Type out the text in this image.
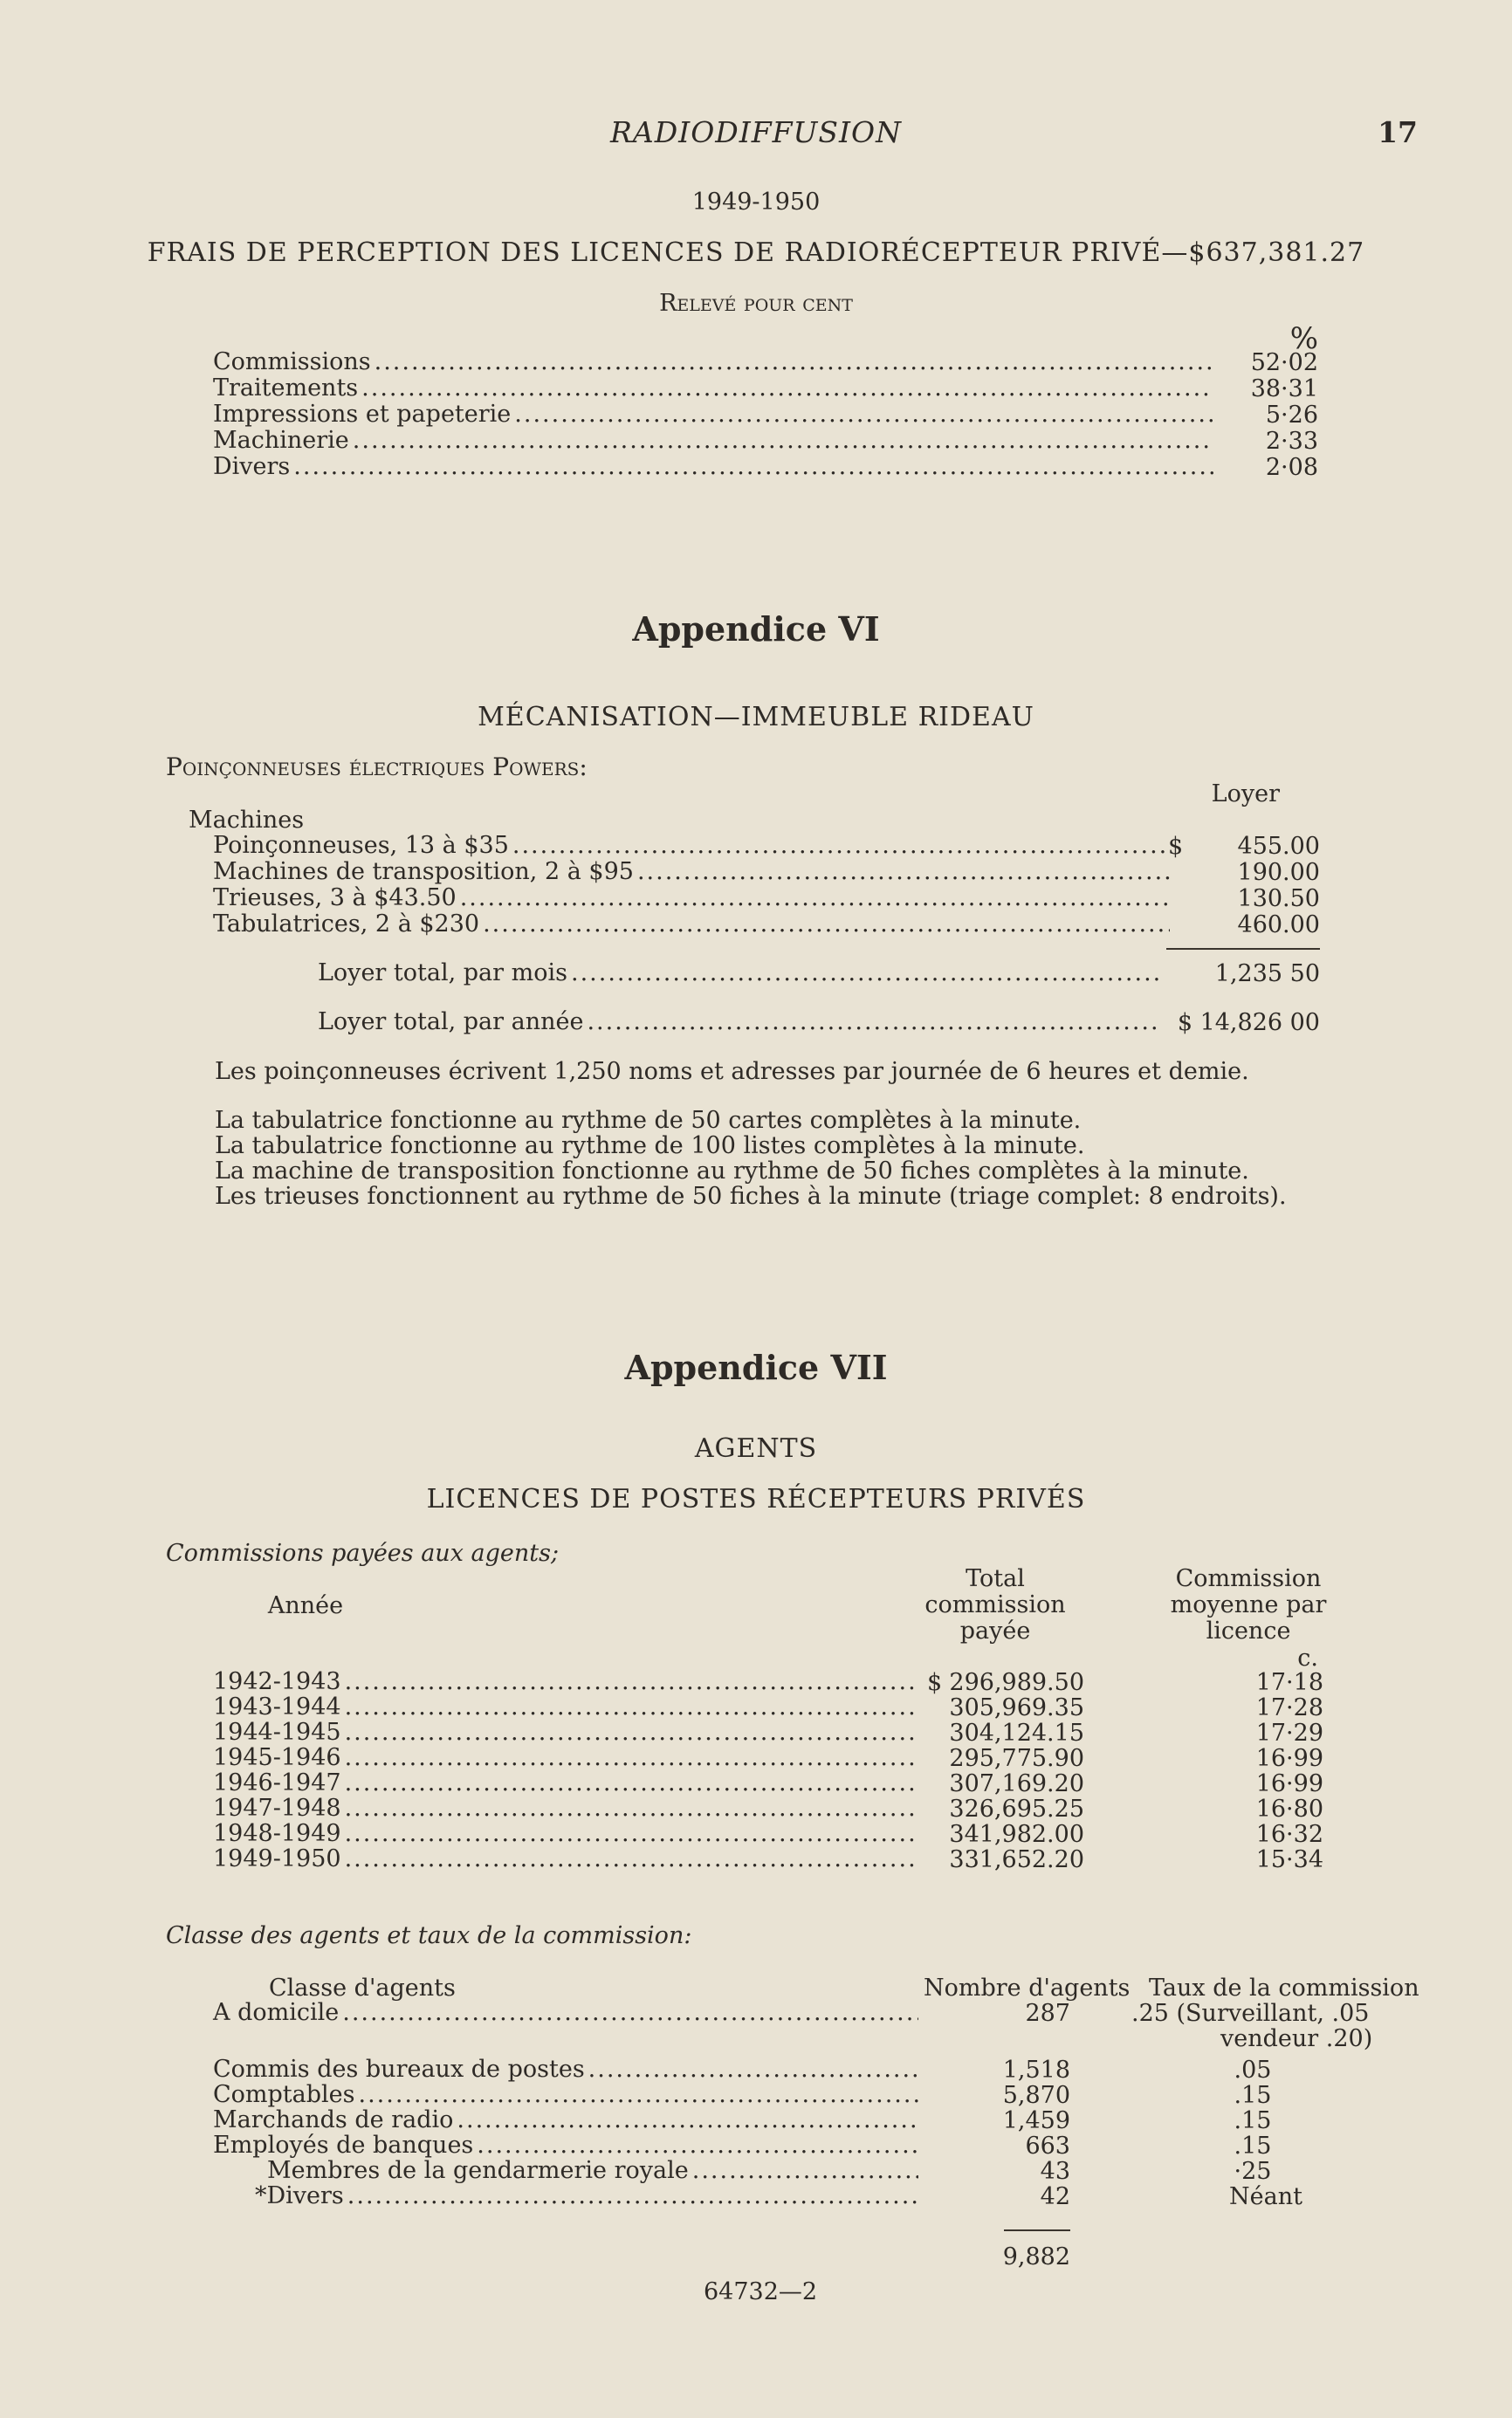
RADIODIFFUSION	17
1949-1950
FRAIS DE PERCEPTION DES LICENCES DE RADIORÉCEPTEUR PRIVÉ—$637,381.27
Relevé pour cent
%
Commissions .....	52·02
Traitements .....	38·31
Impressions et papeterie .....	5·26
Machinerie .....	2·33
Divers .....	2·08
Appendice VI
MÉCANISATION—IMMEUBLE RIDEAU
Poinçonneuses électriques Powers:
Loyer
Machines
Poinçonneuses, 13 à $35 .....	$	455.00
Machines de transposition, 2 à $95 .....	190.00
Trieuses, 3 à $43.50 .....	130.50
Tabulatrices, 2 à $230 .....	460.00
Loyer total, par mois .....	1,235 50
Loyer total, par année .....	$ 14,826 00
Les poinçonneuses écrivent 1,250 noms et adresses par journée de 6 heures et demie.
La tabulatrice fonctionne au rythme de 50 cartes complètes à la minute.
La tabulatrice fonctionne au rythme de 100 listes complètes à la minute.
La machine de transposition fonctionne au rythme de 50 fiches complètes à la minute.
Les trieuses fonctionnent au rythme de 50 fiches à la minute (triage complet: 8 endroits).
Appendice VII
AGENTS
LICENCES DE POSTES RÉCEPTEURS PRIVÉS
Commissions payées aux agents;
Année
Total
commission
payée
Commission
moyenne par
licence
c.
1942-1943 .....	$ 296,989.50	17·18
1943-1944 .....	305,969.35	17·28
1944-1945 .....	304,124.15	17·29
1945-1946 .....	295,775.90	16·99
1946-1947 .....	307,169.20	16·99
1947-1948 .....	326,695.25	16·80
1948-1949 .....	341,982.00	16·32
1949-1950 .....	331,652.20	15·34
Classe des agents et taux de la commission:
Classe d'agents	Nombre d'agents Taux de la commission
A domicile .....	287	.25 (Surveillant, .05
vendeur .20)
Commis des bureaux de postes .....	1,518	.05
Comptables .....	5,870	.15
Marchands de radio .....	1,459	.15
Employés de banques .....	663	.15
Membres de la gendarmerie royale .....	43	·25
*Divers .....	42	Néant
9,882
64732—2
